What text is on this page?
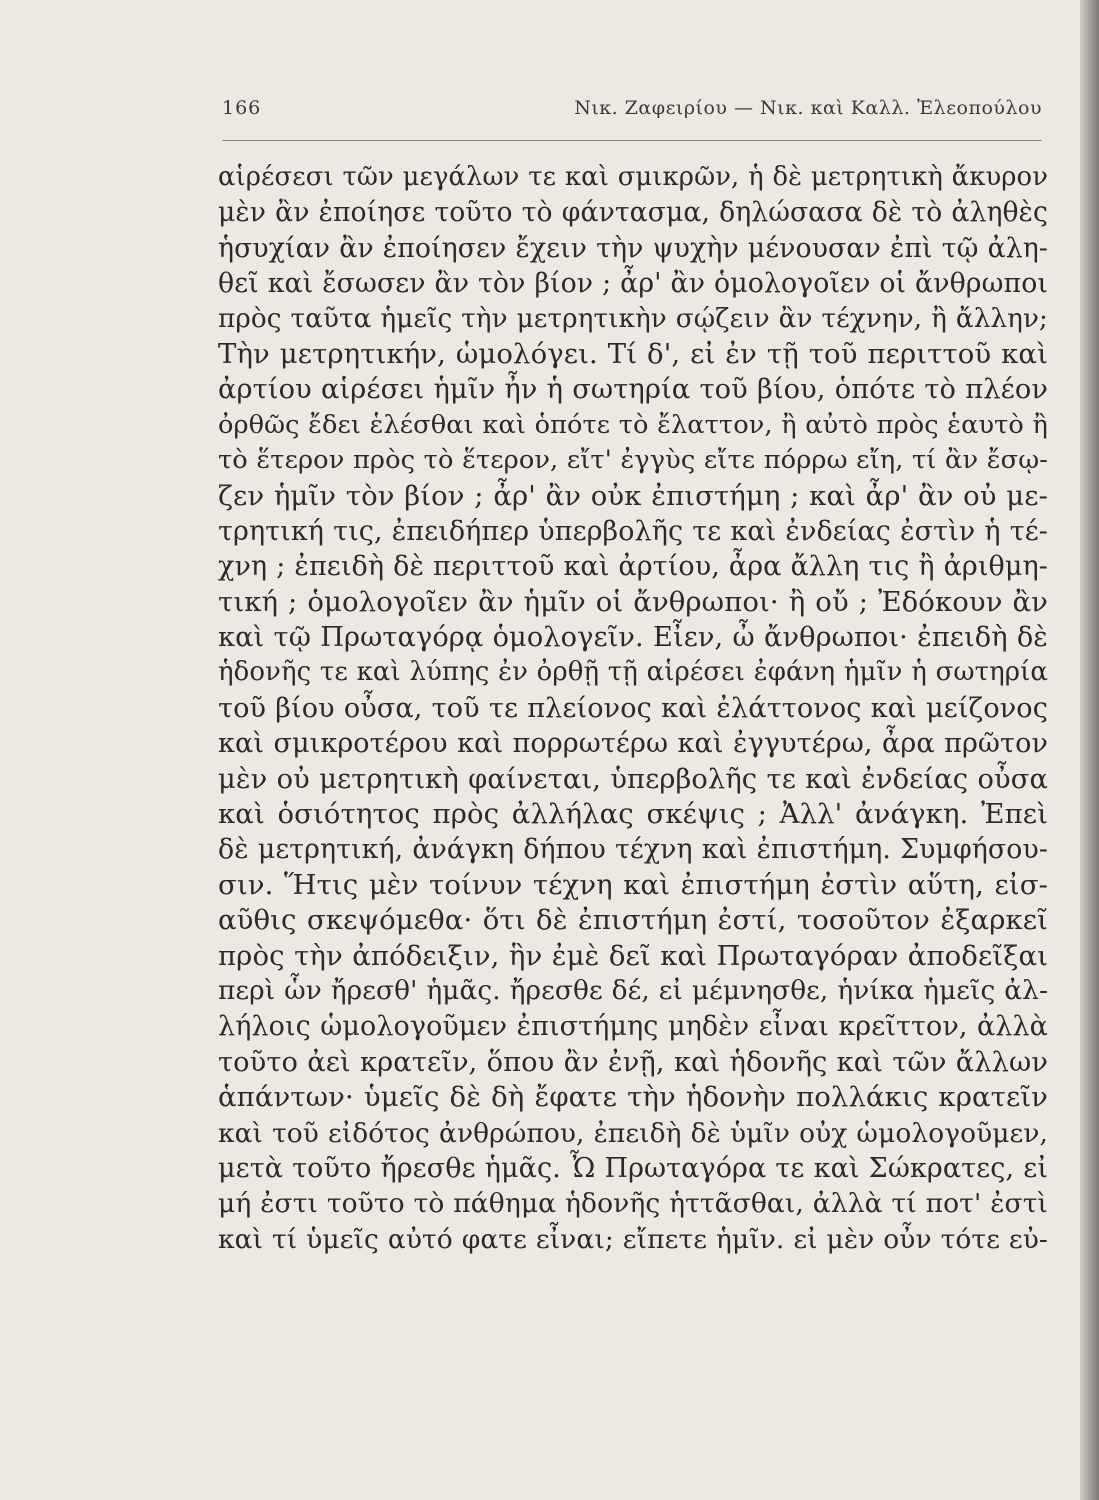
166	Νικ. Ζαφειρίου — Νικ. καὶ Καλλ. Ἐλεοπούλου
αἱρέσεσι τῶν μεγάλων τε καὶ σμικρῶν, ἡ δὲ μετρητικὴ ἄκυρον
μὲν ἂν ἐποίησε τοῦτο τὸ φάντασμα, δηλώσασα δὲ τὸ ἀληθὲς
ἡσυχίαν ἂν ἐποίησεν ἔχειν τὴν ψυχὴν μένουσαν ἐπὶ τῷ ἀλη-
θεῖ καὶ ἔσωσεν ἂν τὸν βίον ; ἆρ' ἂν ὁμολογοῖεν οἱ ἄνθρωποι
πρὸς ταῦτα ἡμεῖς τὴν μετρητικὴν σῴζειν ἂν τέχνην, ἢ ἄλλην;
Τὴν μετρητικήν, ὡμολόγει. Τί δ', εἰ ἐν τῇ τοῦ περιττοῦ καὶ
ἀρτίου αἱρέσει ἡμῖν ἦν ἡ σωτηρία τοῦ βίου, ὁπότε τὸ πλέον
ὀρθῶς ἔδει ἑλέσθαι καὶ ὁπότε τὸ ἔλαττον, ἢ αὐτὸ πρὸς ἑαυτὸ ἢ
τὸ ἕτερον πρὸς τὸ ἕτερον, εἴτ' ἐγγὺς εἴτε πόρρω εἴη, τί ἂν ἔσῳ-
ζεν ἡμῖν τὸν βίον ; ἆρ' ἂν οὐκ ἐπιστήμη ; καὶ ἆρ' ἂν οὐ με-
τρητική τις, ἐπειδήπερ ὑπερβολῆς τε καὶ ἐνδείας ἐστὶν ἡ τέ-
χνη ; ἐπειδὴ δὲ περιττοῦ καὶ ἀρτίου, ἆρα ἄλλη τις ἢ ἀριθμη-
τική ; ὁμολογοῖεν ἂν ἡμῖν οἱ ἄνθρωποι· ἢ οὔ ; Ἐδόκουν ἂν
καὶ τῷ Πρωταγόρᾳ ὁμολογεῖν. Εἶεν, ὦ ἄνθρωποι· ἐπειδὴ δὲ
ἡδονῆς τε καὶ λύπης ἐν ὀρθῇ τῇ αἱρέσει ἐφάνη ἡμῖν ἡ σωτηρία
τοῦ βίου οὖσα, τοῦ τε πλείονος καὶ ἐλάττονος καὶ μείζονος
καὶ σμικροτέρου καὶ πορρωτέρω καὶ ἐγγυτέρω, ἆρα πρῶτον
μὲν οὐ μετρητικὴ φαίνεται, ὑπερβολῆς τε καὶ ἐνδείας οὖσα
καὶ ὁσιότητος πρὸς ἀλλήλας σκέψις ; Ἀλλ' ἀνάγκη. Ἐπεὶ
δὲ μετρητική, ἀνάγκη δήπου τέχνη καὶ ἐπιστήμη. Συμφήσου-
σιν. Ἥτις μὲν τοίνυν τέχνη καὶ ἐπιστήμη ἐστὶν αὕτη, εἰσ-
αῦθις σκεψόμεθα· ὅτι δὲ ἐπιστήμη ἐστί, τοσοῦτον ἐξαρκεῖ
πρὸς τὴν ἀπόδειξιν, ἣν ἐμὲ δεῖ καὶ Πρωταγόραν ἀποδεῖξαι
περὶ ὧν ἤρεσθ' ἡμᾶς. ἤρεσθε δέ, εἰ μέμνησθε, ἡνίκα ἡμεῖς ἀλ-
λήλοις ὡμολογοῦμεν ἐπιστήμης μηδὲν εἶναι κρεῖττον, ἀλλὰ
τοῦτο ἀεὶ κρατεῖν, ὅπου ἂν ἐνῇ, καὶ ἡδονῆς καὶ τῶν ἄλλων
ἁπάντων· ὑμεῖς δὲ δὴ ἔφατε τὴν ἡδονὴν πολλάκις κρατεῖν
καὶ τοῦ εἰδότος ἀνθρώπου, ἐπειδὴ δὲ ὑμῖν οὐχ ὡμολογοῦμεν,
μετὰ τοῦτο ἤρεσθε ἡμᾶς. Ὦ Πρωταγόρα τε καὶ Σώκρατες, εἰ
μή ἐστι τοῦτο τὸ πάθημα ἡδονῆς ἡττᾶσθαι, ἀλλὰ τί ποτ' ἐστὶ
καὶ τί ὑμεῖς αὐτό φατε εἶναι; εἴπετε ἡμῖν. εἰ μὲν οὖν τότε εὐ-
